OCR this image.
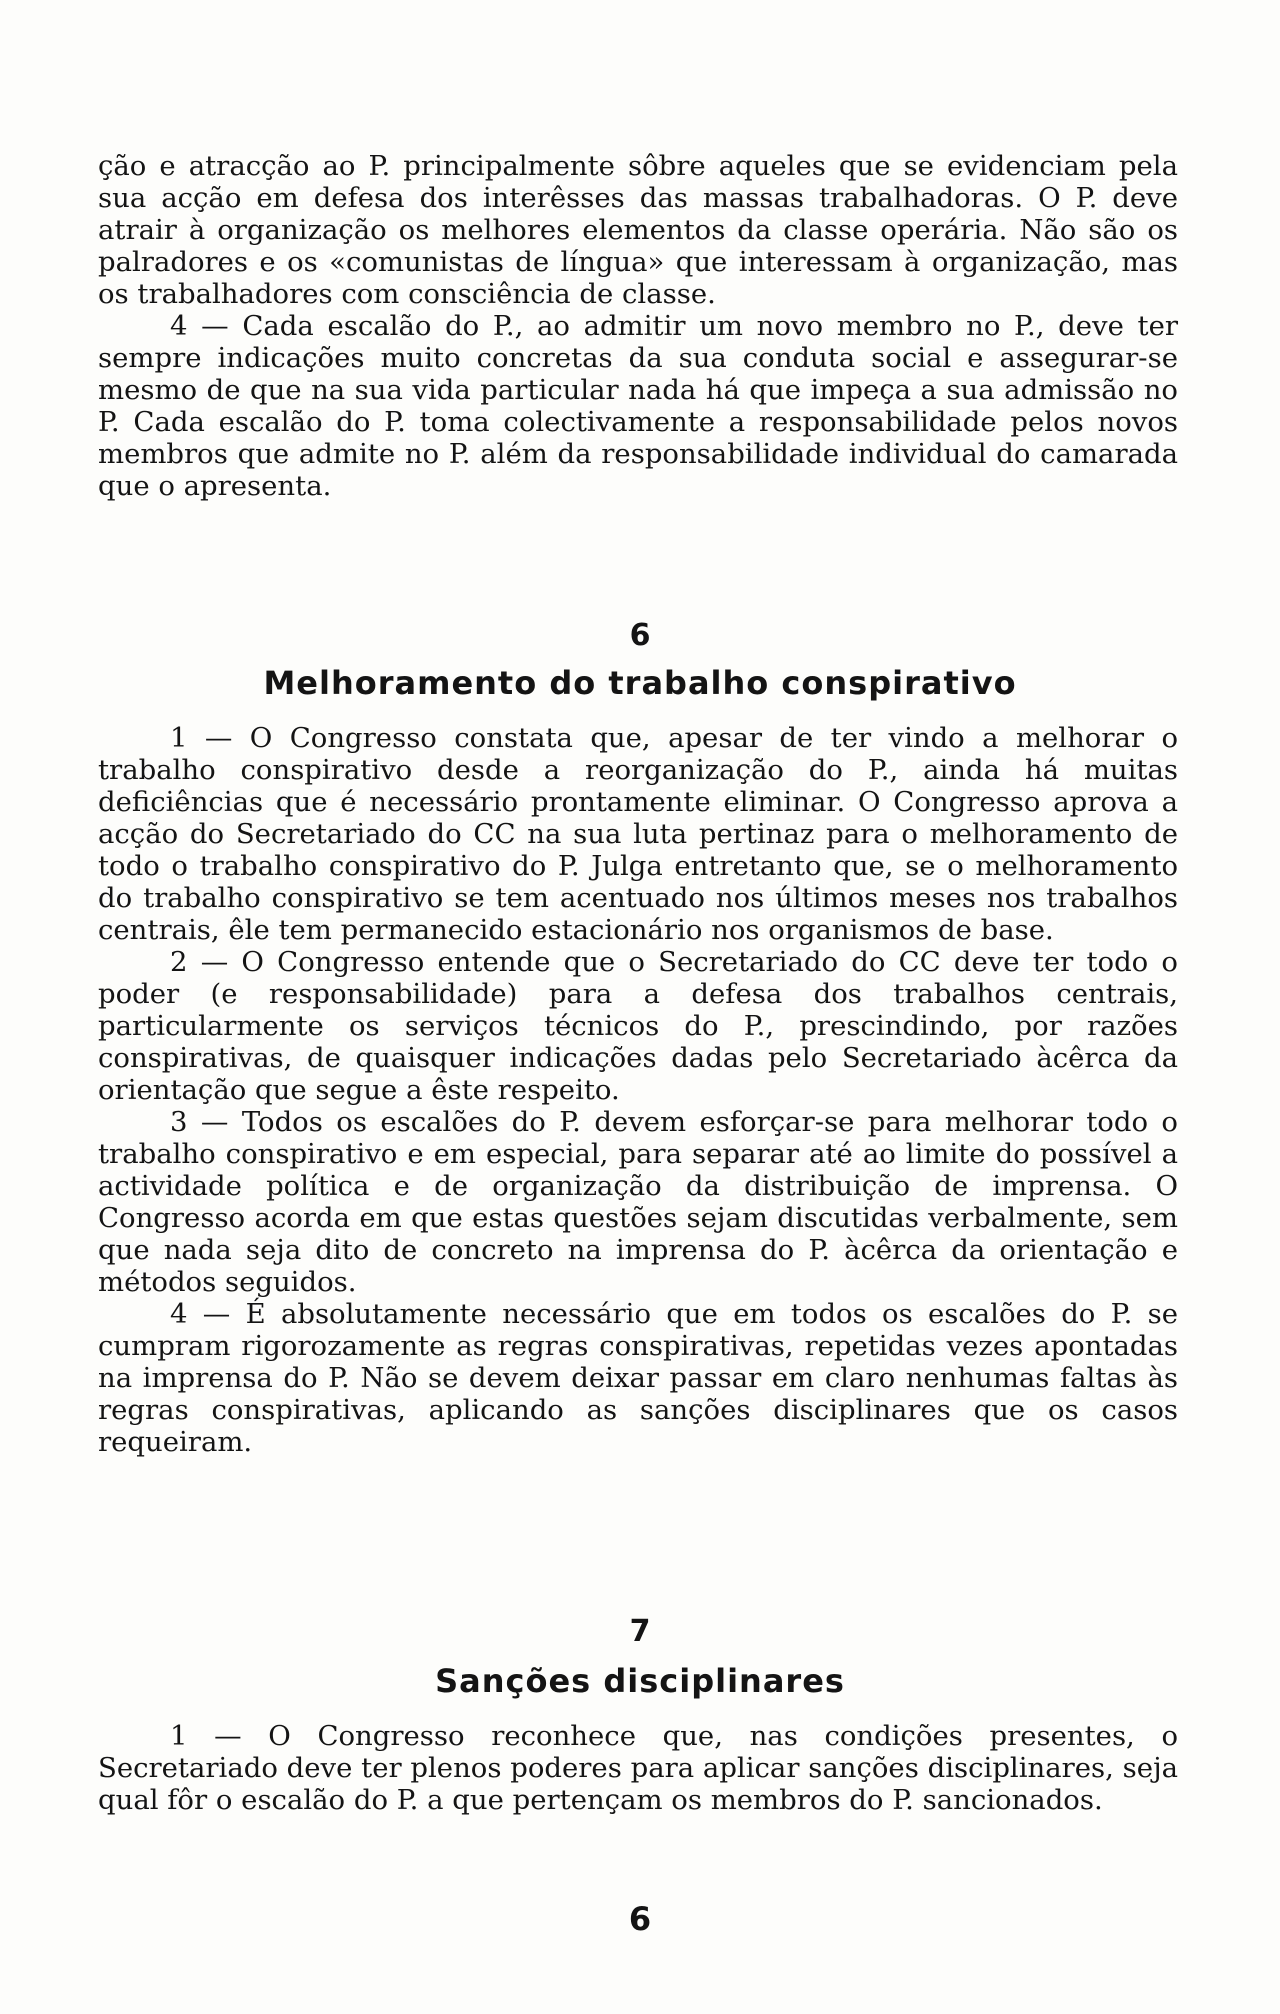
ção e atracção ao P. principalmente sôbre aqueles que se evidenciam pela sua acção em defesa dos interêsses das massas trabalhadoras. O P. deve atrair à organização os melhores elementos da classe operária. Não são os palradores e os «comunistas de língua» que interessam à organização, mas os trabalhadores com consciência de classe.

4 — Cada escalão do P., ao admitir um novo membro no P., deve ter sempre indicações muito concretas da sua conduta social e assegurar-se mesmo de que na sua vida particular nada há que impeça a sua admissão no P. Cada escalão do P. toma colectivamente a responsabilidade pelos novos membros que admite no P. além da responsabilidade individual do camarada que o apresenta.

6
Melhoramento do trabalho conspirativo

1 — O Congresso constata que, apesar de ter vindo a melhorar o trabalho conspirativo desde a reorganização do P., ainda há muitas deficiências que é necessário prontamente eliminar. O Congresso aprova a acção do Secretariado do CC na sua luta pertinaz para o melhoramento de todo o trabalho conspirativo do P. Julga entretanto que, se o melhoramento do trabalho conspirativo se tem acentuado nos últimos meses nos trabalhos centrais, êle tem permanecido estacionário nos organismos de base.

2 — O Congresso entende que o Secretariado do CC deve ter todo o poder (e responsabilidade) para a defesa dos trabalhos centrais, particularmente os serviços técnicos do P., prescindindo, por razões conspirativas, de quaisquer indicações dadas pelo Secretariado àcêrca da orientação que segue a êste respeito.

3 — Todos os escalões do P. devem esforçar-se para melhorar todo o trabalho conspirativo e em especial, para separar até ao limite do possível a actividade política e de organização da distribuição de imprensa. O Congresso acorda em que estas questões sejam discutidas verbalmente, sem que nada seja dito de concreto na imprensa do P. àcêrca da orientação e métodos seguidos.

4 — É absolutamente necessário que em todos os escalões do P. se cumpram rigorozamente as regras conspirativas, repetidas vezes apontadas na imprensa do P. Não se devem deixar passar em claro nenhumas faltas às regras conspirativas, aplicando as sanções disciplinares que os casos requeiram.

7
Sanções disciplinares

1 — O Congresso reconhece que, nas condições presentes, o Secretariado deve ter plenos poderes para aplicar sanções disciplinares, seja qual fôr o escalão do P. a que pertençam os membros do P. sancionados.

6
